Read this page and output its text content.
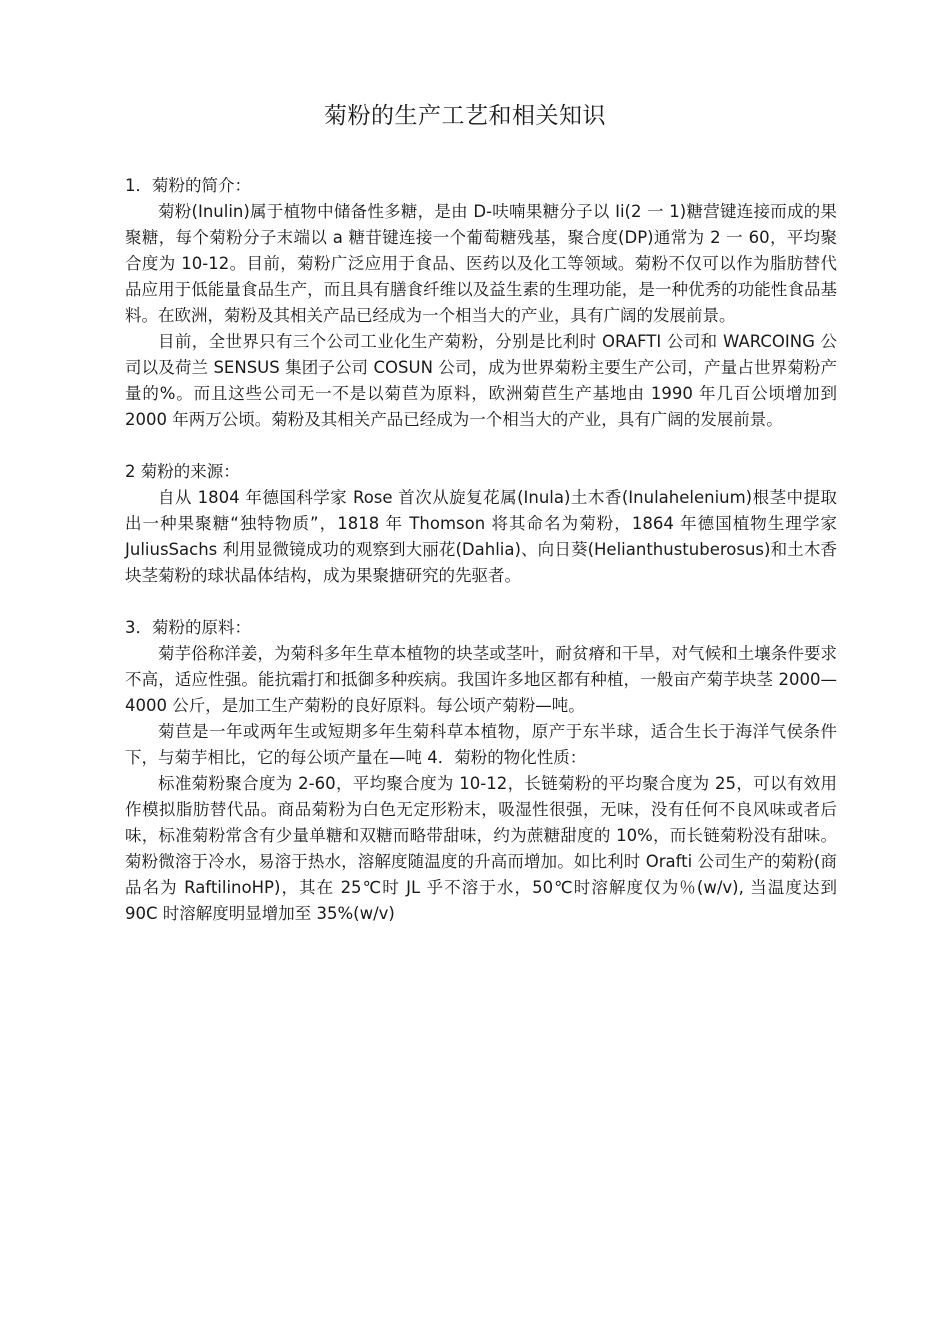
菊粉的生产工艺和相关知识

1．菊粉的简介：

菊粉(Inulin)属于植物中储备性多糖，是由 D-呋喃果糖分子以 Ii(2 一 1)糖营键连接而成的果聚糖，每个菊粉分子末端以 a 糖苷键连接一个葡萄糖残基，聚合度(DP)通常为 2 一 60，平均聚合度为 10-12。目前，菊粉广泛应用于食品、医药以及化工等领域。菊粉不仅可以作为脂肪替代品应用于低能量食品生产，而且具有膳食纤维以及益生素的生理功能，是一种优秀的功能性食品基料。在欧洲，菊粉及其相关产品已经成为一个相当大的产业，具有广阔的发展前景。

目前，全世界只有三个公司工业化生产菊粉，分别是比利时 ORAFTI 公司和 WARCOING 公司以及荷兰 SENSUS 集团子公司 COSUN 公司，成为世界菊粉主要生产公司，产量占世界菊粉产量的%。而且这些公司无一不是以菊苣为原料，欧洲菊苣生产基地由 1990 年几百公顷增加到 2000 年两万公顷。菊粉及其相关产品已经成为一个相当大的产业，具有广阔的发展前景。

2 菊粉的来源：

自从 1804 年德国科学家 Rose 首次从旋复花属(Inula)土木香(Inulahelenium)根茎中提取出一种果聚糖“独特物质”，1818 年 Thomson 将其命名为菊粉，1864 年德国植物生理学家 JuliusSachs 利用显微镜成功的观察到大丽花(Dahlia)、向日葵(Helianthustuberosus)和土木香块茎菊粉的球状晶体结构，成为果聚搪研究的先驱者。

3．菊粉的原料：

菊芋俗称洋姜，为菊科多年生草本植物的块茎或茎叶，耐贫瘠和干旱，对气候和土壤条件要求不高，适应性强。能抗霜打和抵御多种疾病。我国许多地区都有种植，一般亩产菊芋块茎 2000—4000 公斤，是加工生产菊粉的良好原料。每公顷产菊粉—吨。

菊苣是一年或两年生或短期多年生菊科草本植物，原产于东半球，适合生长于海洋气侯条件下，与菊芋相比，它的每公顷产量在—吨 4．菊粉的物化性质：

标准菊粉聚合度为 2-60，平均聚合度为 10-12，长链菊粉的平均聚合度为 25，可以有效用作模拟脂肪替代品。商品菊粉为白色无定形粉末，吸湿性很强，无味，没有任何不良风味或者后味，标准菊粉常含有少量单糖和双糖而略带甜味，约为蔗糖甜度的 10%，而长链菊粉没有甜味。菊粉微溶于冷水，易溶于热水，溶解度随温度的升高而增加。如比利时 Orafti 公司生产的菊粉(商品名为 RaftilinoHP)，其在 25℃时 JL 乎不溶于水，50℃时溶解度仅为％(w/v), 当温度达到 90C 时溶解度明显增加至 35%(w/v)
